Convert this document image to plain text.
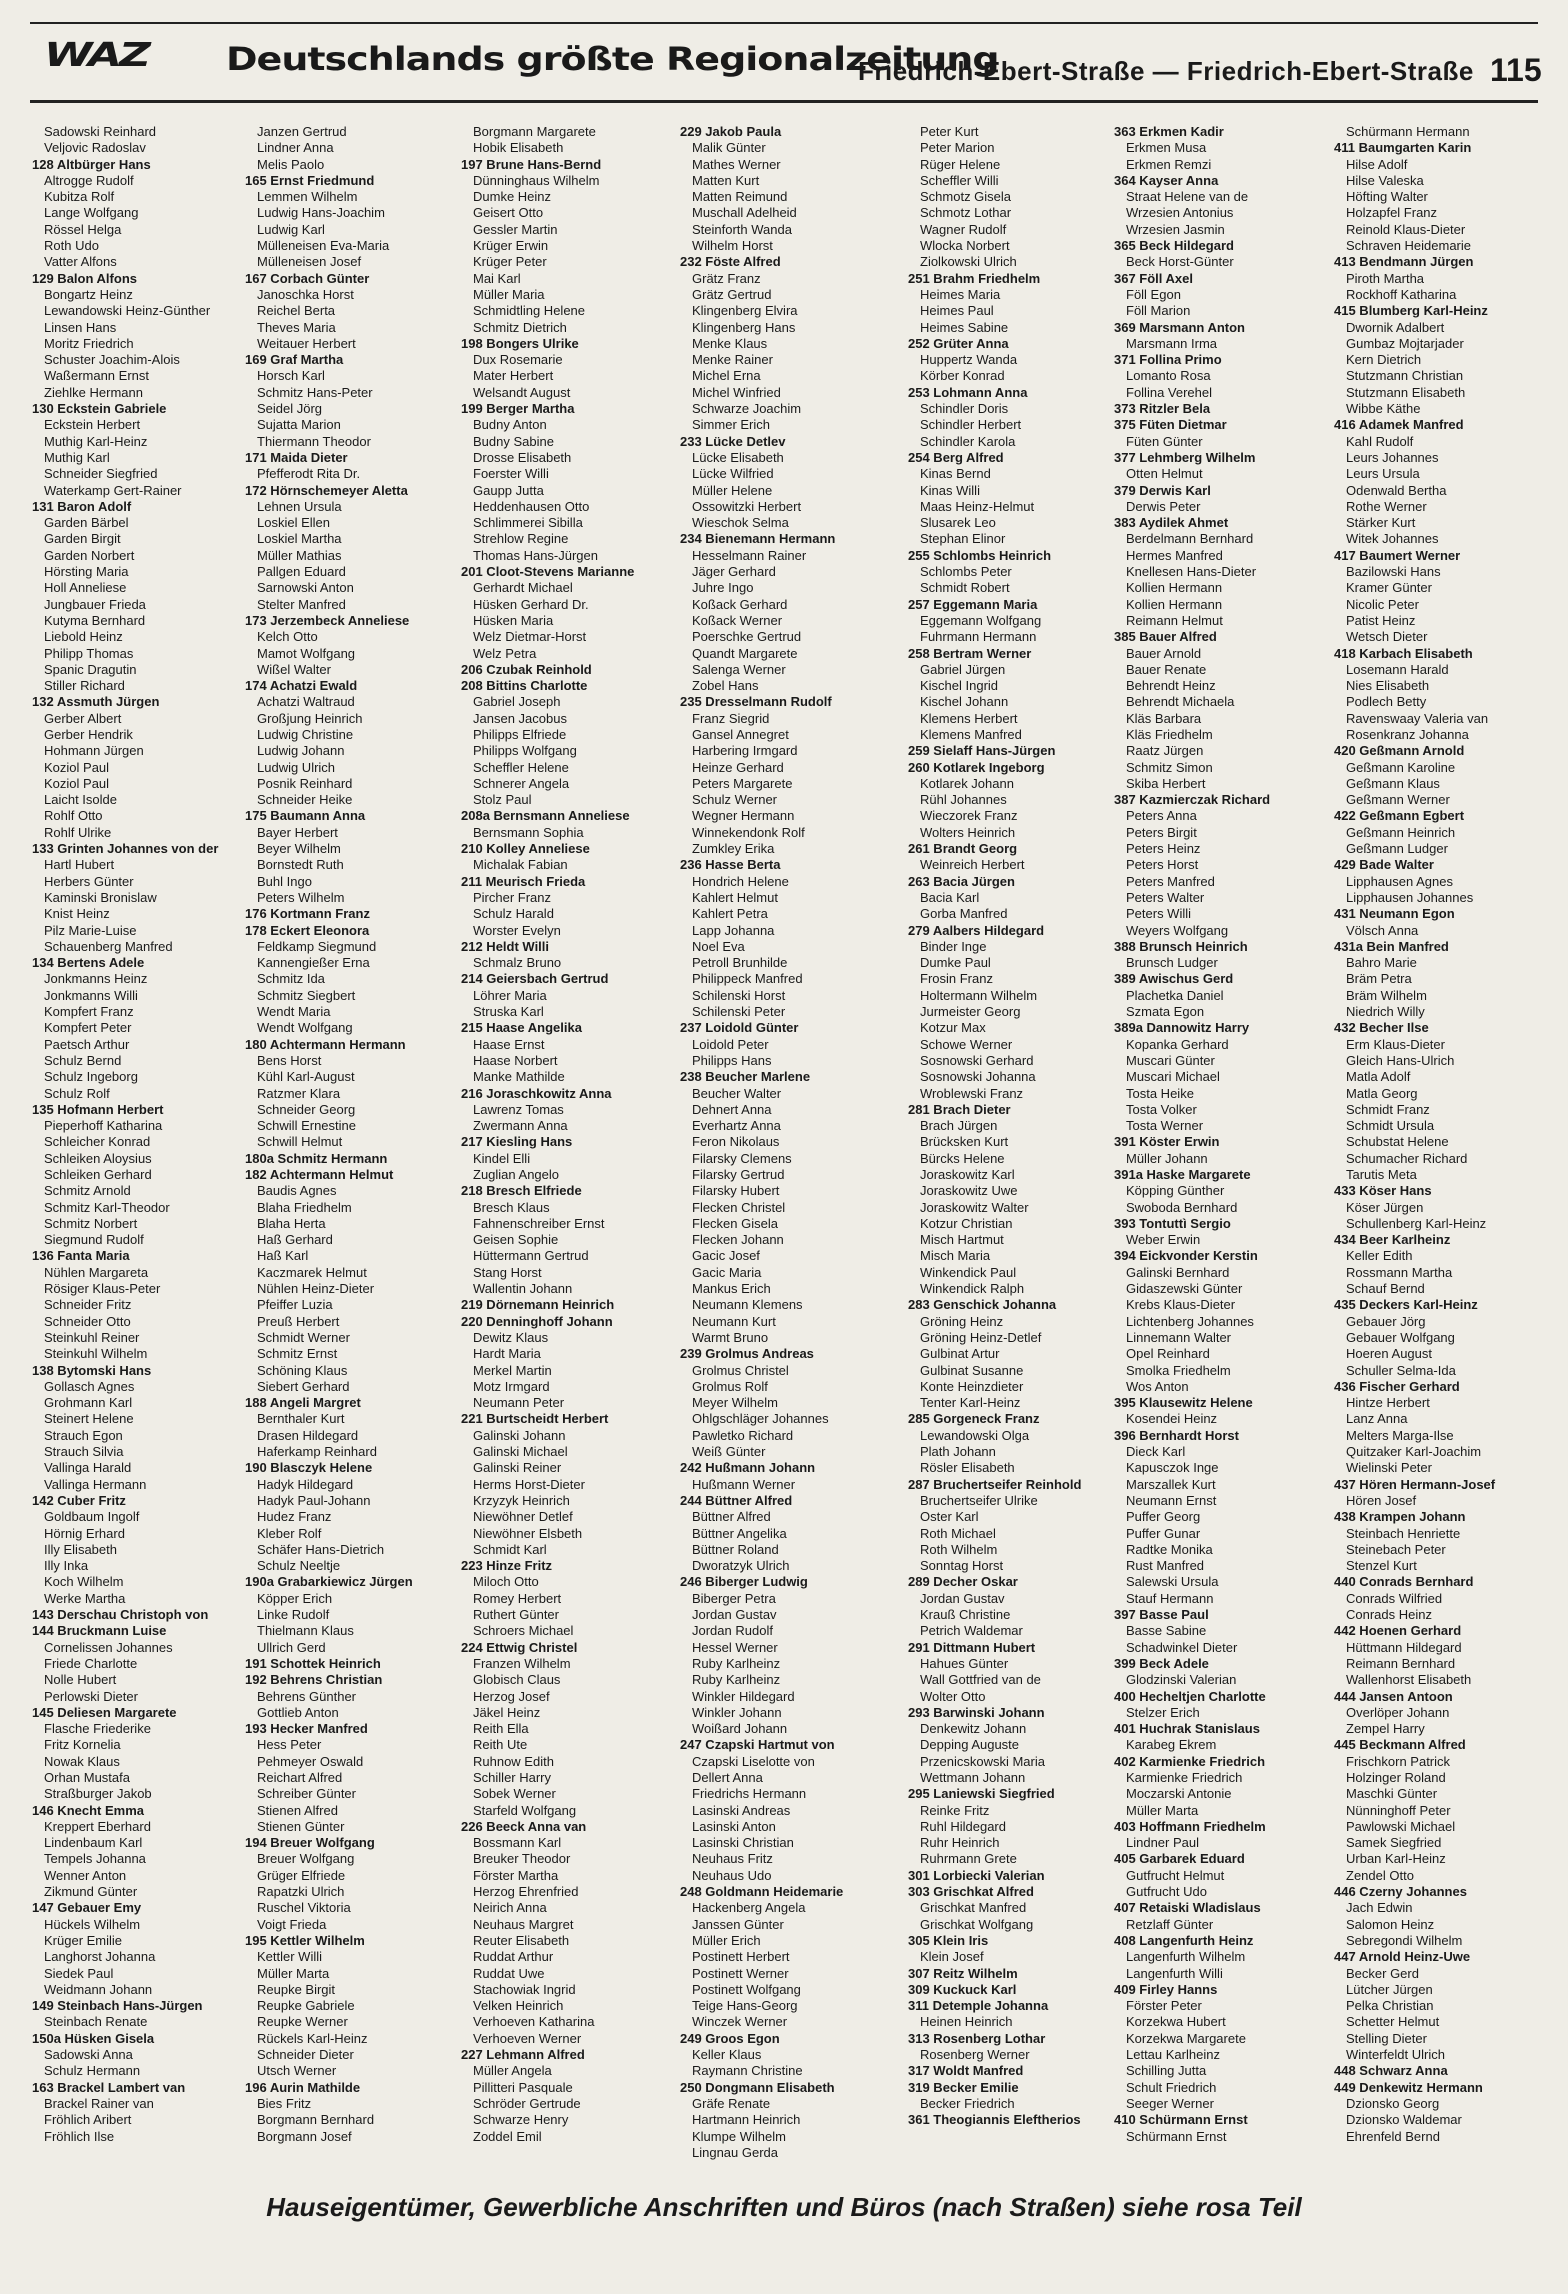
WAZ Deutschlands größte Regionalzeitung
Friedrich-Ebert-Straße — Friedrich-Ebert-Straße 115
Sadowski Reinhard
Veljovic Radoslav
128 Altbürger Hans
Altrogge Rudolf
Kubitza Rolf
Lange Wolfgang
Rössel Helga
Roth Udo
Vatter Alfons
129 Balon Alfons
Bongartz Heinz
Lewandowski Heinz-Günther
Linsen Hans
Moritz Friedrich
Schuster Joachim-Alois
Waßermann Ernst
Ziehlke Hermann
130 Eckstein Gabriele
Eckstein Herbert
Muthig Karl-Heinz
Muthig Karl
Schneider Siegfried
Waterkamp Gert-Rainer
131 Baron Adolf
Garden Bärbel
Garden Birgit
Garden Norbert
Hörsting Maria
Holl Anneliese
Jungbauer Frieda
Kutyma Bernhard
Liebold Heinz
Philipp Thomas
Spanic Dragutin
Stiller Richard
132 Assmuth Jürgen
Gerber Albert
Gerber Hendrik
Hohmann Jürgen
Koziol Paul
Koziol Paul
Laicht Isolde
Rohlf Otto
Rohlf Ulrike
133 Grinten Johannes von der
Hartl Hubert
Herbers Günter
Kaminski Bronislaw
Knist Heinz
Pilz Marie-Luise
Schauenberg Manfred
134 Bertens Adele
Jonkmanns Heinz
Jonkmanns Willi
Kompfert Franz
Kompfert Peter
Paetsch Arthur
Schulz Bernd
Schulz Ingeborg
Schulz Rolf
135 Hofmann Herbert
Pieperhoff Katharina
Schleicher Konrad
Schleiken Aloysius
Schleiken Gerhard
Schmitz Arnold
Schmitz Karl-Theodor
Schmitz Norbert
Siegmund Rudolf
136 Fanta Maria
Nühlen Margareta
Rösiger Klaus-Peter
Schneider Fritz
Schneider Otto
Steinkuhl Reiner
Steinkuhl Wilhelm
138 Bytomski Hans
Gollasch Agnes
Grohmann Karl
Steinert Helene
Strauch Egon
Strauch Silvia
Vallinga Harald
Vallinga Hermann
142 Cuber Fritz
Goldbaum Ingolf
Hörnig Erhard
Illy Elisabeth
Illy Inka
Koch Wilhelm
Werke Martha
143 Derschau Christoph von
144 Bruckmann Luise
Cornelissen Johannes
Friede Charlotte
Nolle Hubert
Perlowski Dieter
145 Deliesen Margarete
Flasche Friederike
Fritz Kornelia
Nowak Klaus
Orhan Mustafa
Straßburger Jakob
146 Knecht Emma
Kreppert Eberhard
Lindenbaum Karl
Tempels Johanna
Wenner Anton
Zikmund Günter
147 Gebauer Emy
Hückels Wilhelm
Krüger Emilie
Langhorst Johanna
Siedek Paul
Weidmann Johann
149 Steinbach Hans-Jürgen
Steinbach Renate
150a Hüsken Gisela
Sadowski Anna
Schulz Hermann
163 Brackel Lambert van
Brackel Rainer van
Fröhlich Aribert
Fröhlich Ilse
Janzen Gertrud
Lindner Anna
Melis Paolo
165 Ernst Friedmund
Lemmen Wilhelm
Ludwig Hans-Joachim
Ludwig Karl
Mülleneisen Eva-Maria
Mülleneisen Josef
167 Corbach Günter
Janoschka Horst
Reichel Berta
Theves Maria
Weitauer Herbert
169 Graf Martha
Horsch Karl
Schmitz Hans-Peter
Seidel Jörg
Sujatta Marion
Thiermann Theodor
171 Maida Dieter
Pfefferodt Rita Dr.
172 Hörnschemeyer Aletta
Lehnen Ursula
Loskiel Ellen
Loskiel Martha
Müller Mathias
Pallgen Eduard
Sarnowski Anton
Stelter Manfred
173 Jerzembeck Anneliese
Kelch Otto
Mamot Wolfgang
Wißel Walter
174 Achatzi Ewald
Achatzi Waltraud
Großjung Heinrich
Ludwig Christine
Ludwig Johann
Ludwig Ulrich
Posnik Reinhard
Schneider Heike
175 Baumann Anna
Bayer Herbert
Beyer Wilhelm
Bornstedt Ruth
Buhl Ingo
Peters Wilhelm
176 Kortmann Franz
178 Eckert Eleonora
Feldkamp Siegmund
Kannengießer Erna
Schmitz Ida
Schmitz Siegbert
Wendt Maria
Wendt Wolfgang
180 Achtermann Hermann
Bens Horst
Kühl Karl-August
Ratzmer Klara
Schneider Georg
Schwill Ernestine
Schwill Helmut
180a Schmitz Hermann
182 Achtermann Helmut
Baudis Agnes
Blaha Friedhelm
Blaha Herta
Haß Gerhard
Haß Karl
Kaczmarek Helmut
Nühlen Heinz-Dieter
Pfeiffer Luzia
Preuß Herbert
Schmidt Werner
Schmitz Ernst
Schöning Klaus
Siebert Gerhard
188 Angeli Margret
Bernthaler Kurt
Drasen Hildegard
Haferkamp Reinhard
190 Blasczyk Helene
Hadyk Hildegard
Hadyk Paul-Johann
Hudez Franz
Kleber Rolf
Schäfer Hans-Dietrich
Schulz Neeltje
190a Grabarkiewicz Jürgen
Köpper Erich
Linke Rudolf
Thielmann Klaus
Ullrich Gerd
191 Schottek Heinrich
192 Behrens Christian
Behrens Günther
Gottlieb Anton
193 Hecker Manfred
Hess Peter
Pehmeyer Oswald
Reichart Alfred
Schreiber Günter
Stienen Alfred
Stienen Günter
194 Breuer Wolfgang
Breuer Wolfgang
Grüger Elfriede
Rapatzki Ulrich
Ruschel Viktoria
Voigt Frieda
195 Kettler Wilhelm
Kettler Willi
Müller Marta
Reupke Birgit
Reupke Gabriele
Reupke Werner
Rückels Karl-Heinz
Schneider Dieter
Utsch Werner
196 Aurin Mathilde
Bies Fritz
Borgmann Bernhard
Borgmann Josef
Borgmann Margarete
Hobik Elisabeth
197 Brune Hans-Bernd
Dünninghaus Wilhelm
Dumke Heinz
Geisert Otto
Gessler Martin
Krüger Erwin
Krüger Peter
Mai Karl
Müller Maria
Schmidtling Helene
Schmitz Dietrich
198 Bongers Ulrike
Dux Rosemarie
Mater Herbert
Welsandt August
199 Berger Martha
Budny Anton
Budny Sabine
Drosse Elisabeth
Foerster Willi
Gaupp Jutta
Heddenhausen Otto
Schlimmerei Sibilla
Strehlow Regine
Thomas Hans-Jürgen
201 Cloot-Stevens Marianne
Gerhardt Michael
Hüsken Gerhard Dr.
Hüsken Maria
Welz Dietmar-Horst
Welz Petra
206 Czubak Reinhold
208 Bittins Charlotte
Gabriel Joseph
Jansen Jacobus
Philipps Elfriede
Philipps Wolfgang
Scheffler Helene
Schnerer Angela
Stolz Paul
208a Bernsmann Anneliese
Bernsmann Sophia
210 Kolley Anneliese
Michalak Fabian
211 Meurisch Frieda
Pircher Franz
Schulz Harald
Worster Evelyn
212 Heldt Willi
Schmalz Bruno
214 Geiersbach Gertrud
Löhrer Maria
Struska Karl
215 Haase Angelika
Haase Ernst
Haase Norbert
Manke Mathilde
216 Joraschkowitz Anna
Lawrenz Tomas
Zwermann Anna
217 Kiesling Hans
Kindel Elli
Zuglian Angelo
218 Bresch Elfriede
Bresch Klaus
Fahnenschreiber Ernst
Geisen Sophie
Hüttermann Gertrud
Stang Horst
Wallentin Johann
219 Dörnemann Heinrich
220 Denninghoff Johann
Dewitz Klaus
Hardt Maria
Merkel Martin
Motz Irmgard
Neumann Peter
221 Burtscheidt Herbert
Galinski Johann
Galinski Michael
Galinski Reiner
Herms Horst-Dieter
Krzyzyk Heinrich
Niewöhner Detlef
Niewöhner Elsbeth
Schmidt Karl
223 Hinze Fritz
Miloch Otto
Romey Herbert
Ruthert Günter
Schroers Michael
224 Ettwig Christel
Franzen Wilhelm
Globisch Claus
Herzog Josef
Jäkel Heinz
Reith Ella
Reith Ute
Ruhnow Edith
Schiller Harry
Sobek Werner
Starfeld Wolfgang
226 Beeck Anna van
Bossmann Karl
Breuker Theodor
Förster Martha
Herzog Ehrenfried
Neirich Anna
Neuhaus Margret
Reuter Elisabeth
Ruddat Arthur
Ruddat Uwe
Stachowiak Ingrid
Velken Heinrich
Verhoeven Katharina
Verhoeven Werner
227 Lehmann Alfred
Müller Angela
Pillitteri Pasquale
Schröder Gertrude
Schwarze Henry
Zoddel Emil
229 Jakob Paula
Malik Günter
Mathes Werner
Matten Kurt
Matten Reimund
Muschall Adelheid
Steinforth Wanda
Wilhelm Horst
232 Föste Alfred
Grätz Franz
Grätz Gertrud
Klingenberg Elvira
Klingenberg Hans
Menke Klaus
Menke Rainer
Michel Erna
Michel Winfried
Schwarze Joachim
Simmer Erich
233 Lücke Detlev
Lücke Elisabeth
Lücke Wilfried
Müller Helene
Ossowitzki Herbert
Wieschok Selma
234 Bienemann Hermann
Hesselmann Rainer
Jäger Gerhard
Juhre Ingo
Koßack Gerhard
Koßack Werner
Poerschke Gertrud
Quandt Margarete
Salenga Werner
Zobel Hans
235 Dresselmann Rudolf
Franz Siegrid
Gansel Annegret
Harbering Irmgard
Heinze Gerhard
Peters Margarete
Schulz Werner
Wegner Hermann
Winnekendonk Rolf
Zumkley Erika
236 Hasse Berta
Hondrich Helene
Kahlert Helmut
Kahlert Petra
Lapp Johanna
Noel Eva
Petroll Brunhilde
Philippeck Manfred
Schilenski Horst
Schilenski Peter
237 Loidold Günter
Loidold Peter
Philipps Hans
238 Beucher Marlene
Beucher Walter
Dehnert Anna
Everhartz Anna
Feron Nikolaus
Filarsky Clemens
Filarsky Gertrud
Filarsky Hubert
Flecken Christel
Flecken Gisela
Flecken Johann
Gacic Josef
Gacic Maria
Mankus Erich
Neumann Klemens
Neumann Kurt
Warmt Bruno
239 Grolmus Andreas
Grolmus Christel
Grolmus Rolf
Meyer Wilhelm
Ohlgschläger Johannes
Pawletko Richard
Weiß Günter
242 Hußmann Johann
Hußmann Werner
244 Büttner Alfred
Büttner Alfred
Büttner Angelika
Büttner Roland
Dworatzyk Ulrich
246 Biberger Ludwig
Biberger Petra
Jordan Gustav
Jordan Rudolf
Hessel Werner
Ruby Karlheinz
Ruby Karlheinz
Winkler Hildegard
Winkler Johann
Woißard Johann
247 Czapski Hartmut von
Czapski Liselotte von
Dellert Anna
Friedrichs Hermann
Lasinski Andreas
Lasinski Anton
Lasinski Christian
Neuhaus Fritz
Neuhaus Udo
248 Goldmann Heidemarie
Hackenberg Angela
Janssen Günter
Müller Erich
Postinett Herbert
Postinett Werner
Postinett Wolfgang
Teige Hans-Georg
Winczek Werner
249 Groos Egon
Keller Klaus
Raymann Christine
250 Dongmann Elisabeth
Gräfe Renate
Hartmann Heinrich
Klumpe Wilhelm
Lingnau Gerda
Peter Kurt
Peter Marion
Rüger Helene
Scheffler Willi
Schmotz Gisela
Schmotz Lothar
Wagner Rudolf
Wlocka Norbert
Ziolkowski Ulrich
251 Brahm Friedhelm
Heimes Maria
Heimes Paul
Heimes Sabine
252 Grüter Anna
Huppertz Wanda
Körber Konrad
253 Lohmann Anna
Schindler Doris
Schindler Herbert
Schindler Karola
254 Berg Alfred
Kinas Bernd
Kinas Willi
Maas Heinz-Helmut
Slusarek Leo
Stephan Elinor
255 Schlombs Heinrich
Schlombs Peter
Schmidt Robert
257 Eggemann Maria
Eggemann Wolfgang
Fuhrmann Hermann
258 Bertram Werner
Gabriel Jürgen
Kischel Ingrid
Kischel Johann
Klemens Herbert
Klemens Manfred
259 Sielaff Hans-Jürgen
260 Kotlarek Ingeborg
Kotlarek Johann
Rühl Johannes
Wieczorek Franz
Wolters Heinrich
261 Brandt Georg
Weinreich Herbert
263 Bacia Jürgen
Bacia Karl
Gorba Manfred
279 Aalbers Hildegard
Binder Inge
Dumke Paul
Frosin Franz
Holtermann Wilhelm
Jurmeister Georg
Kotzur Max
Schowe Werner
Sosnowski Gerhard
Sosnowski Johanna
Wroblewski Franz
281 Brach Dieter
Brach Jürgen
Brücksken Kurt
Bürcks Helene
Joraskowitz Karl
Joraskowitz Uwe
Joraskowitz Walter
Kotzur Christian
Misch Hartmut
Misch Maria
Winkendick Paul
Winkendick Ralph
283 Genschick Johanna
Gröning Heinz
Gröning Heinz-Detlef
Gulbinat Artur
Gulbinat Susanne
Konte Heinzdieter
Tenter Karl-Heinz
285 Gorgeneck Franz
Lewandowski Olga
Plath Johann
Rösler Elisabeth
287 Bruchertseifer Reinhold
Bruchertseifer Ulrike
Oster Karl
Roth Michael
Roth Wilhelm
Sonntag Horst
289 Decher Oskar
Jordan Gustav
Krauß Christine
Petrich Waldemar
291 Dittmann Hubert
Hahues Günter
Wall Gottfried van de
Wolter Otto
293 Barwinski Johann
Denkewitz Johann
Depping Auguste
Przenicskowski Maria
Wettmann Johann
295 Laniewski Siegfried
Reinke Fritz
Ruhl Hildegard
Ruhr Heinrich
Ruhrmann Grete
301 Lorbiecki Valerian
303 Grischkat Alfred
Grischkat Manfred
Grischkat Wolfgang
305 Klein Iris
Klein Josef
307 Reitz Wilhelm
309 Kuckuck Karl
311 Detemple Johanna
Heinen Heinrich
313 Rosenberg Lothar
Rosenberg Werner
317 Woldt Manfred
319 Becker Emilie
Becker Friedrich
361 Theogiannis Eleftherios
363 Erkmen Kadir
Erkmen Musa
Erkmen Remzi
364 Kayser Anna
Straat Helene van de
Wrzesien Antonius
Wrzesien Jasmin
365 Beck Hildegard
Beck Horst-Günter
367 Föll Axel
Föll Egon
Föll Marion
369 Marsmann Anton
Marsmann Irma
371 Follina Primo
Lomanto Rosa
Follina Verehel
373 Ritzler Bela
375 Füten Dietmar
Füten Günter
377 Lehmberg Wilhelm
Otten Helmut
379 Derwis Karl
Derwis Peter
383 Aydilek Ahmet
Berdelmann Bernhard
Hermes Manfred
Knellesen Hans-Dieter
Kollien Hermann
Kollien Hermann
Reimann Helmut
385 Bauer Alfred
Bauer Arnold
Bauer Renate
Behrendt Heinz
Behrendt Michaela
Kläs Barbara
Kläs Friedhelm
Raatz Jürgen
Schmitz Simon
Skiba Herbert
387 Kazmierczak Richard
Peters Anna
Peters Birgit
Peters Heinz
Peters Horst
Peters Manfred
Peters Walter
Peters Willi
Weyers Wolfgang
388 Brunsch Heinrich
Brunsch Ludger
389 Awischus Gerd
Plachetka Daniel
Szmata Egon
389a Dannowitz Harry
Kopanka Gerhard
Muscari Günter
Muscari Michael
Tosta Heike
Tosta Volker
Tosta Werner
391 Köster Erwin
Müller Johann
391a Haske Margarete
Köpping Günther
Swoboda Bernhard
393 Tontuttì Sergio
Weber Erwin
394 Eickvonder Kerstin
Galinski Bernhard
Gidaszewski Günter
Krebs Klaus-Dieter
Lichtenberg Johannes
Linnemann Walter
Opel Reinhard
Smolka Friedhelm
Wos Anton
395 Klausewitz Helene
Kosendei Heinz
396 Bernhardt Horst
Dieck Karl
Kapusczok Inge
Marszallek Kurt
Neumann Ernst
Puffer Georg
Puffer Gunar
Radtke Monika
Rust Manfred
Salewski Ursula
Stauf Hermann
397 Basse Paul
Basse Sabine
Schadwinkel Dieter
399 Beck Adele
Glodzinski Valerian
400 Hecheltjen Charlotte
Stelzer Erich
401 Huchrak Stanislaus
Karabeg Ekrem
402 Karmienke Friedrich
Karmienke Friedrich
Moczarski Antonie
Müller Marta
403 Hoffmann Friedhelm
Lindner Paul
405 Garbarek Eduard
Gutfrucht Helmut
Gutfrucht Udo
407 Retaiski Wladislaus
Retzlaff Günter
408 Langenfurth Heinz
Langenfurth Wilhelm
Langenfurth Willi
409 Firley Hanns
Förster Peter
Korzekwa Hubert
Korzekwa Margarete
Lettau Karlheinz
Schilling Jutta
Schult Friedrich
Seeger Werner
410 Schürmann Ernst
Schürmann Ernst
Schürmann Hermann
411 Baumgarten Karin
Hilse Adolf
Hilse Valeska
Höfting Walter
Holzapfel Franz
Reinold Klaus-Dieter
Schraven Heidemarie
413 Bendmann Jürgen
Piroth Martha
Rockhoff Katharina
415 Blumberg Karl-Heinz
Dwornik Adalbert
Gumbaz Mojtarjader
Kern Dietrich
Stutzmann Christian
Stutzmann Elisabeth
Wibbe Käthe
416 Adamek Manfred
Kahl Rudolf
Leurs Johannes
Leurs Ursula
Odenwald Bertha
Rothe Werner
Stärker Kurt
Witek Johannes
417 Baumert Werner
Bazilowski Hans
Kramer Günter
Nicolic Peter
Patist Heinz
Wetsch Dieter
418 Karbach Elisabeth
Losemann Harald
Nies Elisabeth
Podlech Betty
Ravenswaay Valeria van
Rosenkranz Johanna
420 Geßmann Arnold
Geßmann Karoline
Geßmann Klaus
Geßmann Werner
422 Geßmann Egbert
Geßmann Heinrich
Geßmann Ludger
429 Bade Walter
Lipphausen Agnes
Lipphausen Johannes
431 Neumann Egon
Völsch Anna
431a Bein Manfred
Bahro Marie
Bräm Petra
Bräm Wilhelm
Niedrich Willy
432 Becher Ilse
Erm Klaus-Dieter
Gleich Hans-Ulrich
Matla Adolf
Matla Georg
Schmidt Franz
Schmidt Ursula
Schubstat Helene
Schumacher Richard
Tarutis Meta
433 Köser Hans
Köser Jürgen
Schullenberg Karl-Heinz
434 Beer Karlheinz
Keller Edith
Rossmann Martha
Schauf Bernd
435 Deckers Karl-Heinz
Gebauer Jörg
Gebauer Wolfgang
Hoeren August
Schuller Selma-Ida
436 Fischer Gerhard
Hintze Herbert
Lanz Anna
Melters Marga-Ilse
Quitzaker Karl-Joachim
Wielinski Peter
437 Hören Hermann-Josef
Hören Josef
438 Krampen Johann
Steinbach Henriette
Steinebach Peter
Stenzel Kurt
440 Conrads Bernhard
Conrads Wilfried
Conrads Heinz
442 Hoenen Gerhard
Hüttmann Hildegard
Reimann Bernhard
Wallenhorst Elisabeth
444 Jansen Antoon
Overlöper Johann
Zempel Harry
445 Beckmann Alfred
Frischkorn Patrick
Holzinger Roland
Maschki Günter
Nünninghoff Peter
Pawlowski Michael
Samek Siegfried
Urban Karl-Heinz
Zendel Otto
446 Czerny Johannes
Jach Edwin
Salomon Heinz
Sebregondi Wilhelm
447 Arnold Heinz-Uwe
Becker Gerd
Lütcher Jürgen
Pelka Christian
Schetter Helmut
Stelling Dieter
Winterfeldt Ulrich
448 Schwarz Anna
449 Denkewitz Hermann
Dzionsko Georg
Dzionsko Waldemar
Ehrenfeld Bernd
Hauseigentümer, Gewerbliche Anschriften und Büros (nach Straßen) siehe rosa Teil
